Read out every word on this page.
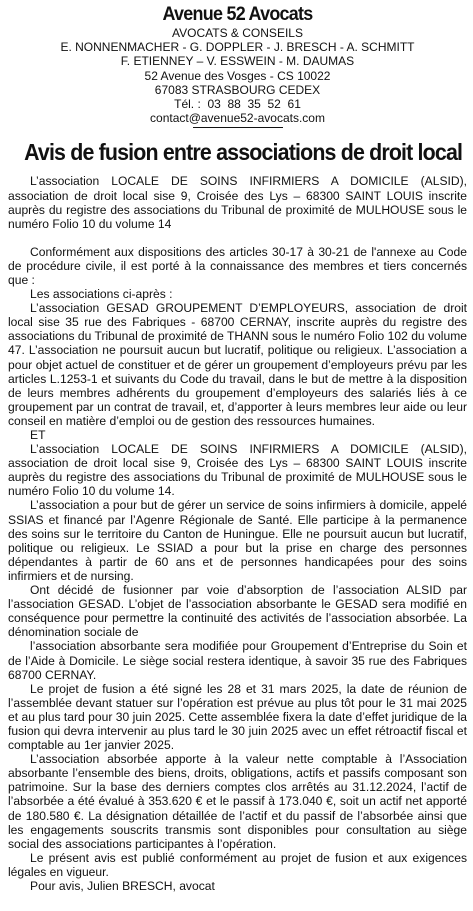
Avenue 52 Avocats
AVOCATS & CONSEILS
E. NONNENMACHER - G. DOPPLER - J. BRESCH - A. SCHMITT
F. ETIENNEY – V. ESSWEIN - M. DAUMAS
52 Avenue des Vosges - CS 10022
67083 STRASBOURG CEDEX
Tél. :  03  88  35  52  61
contact@avenue52-avocats.com
Avis de fusion entre associations de droit local

L’association LOCALE DE SOINS INFIRMIERS A DOMICILE (ALSID), association de droit local sise 9, Croisée des Lys – 68300 SAINT LOUIS inscrite auprès du registre des associations du Tribunal de proximité de MULHOUSE sous le numéro Folio 10 du volume 14

Conformément aux dispositions des articles 30-17 à 30-21 de l'annexe au Code de procédure civile, il est porté à la connaissance des membres et tiers concernés que :

Les associations ci-après :

L’association GESAD GROUPEMENT D’EMPLOYEURS, association de droit local sise 35 rue des Fabriques - 68700 CERNAY, inscrite auprès du registre des associations du Tribunal de proximité de THANN sous le numéro Folio 102 du volume 47. L’association ne poursuit aucun but lucratif, politique ou religieux. L’association a pour objet actuel de constituer et de gérer un groupement d’employeurs prévu par les articles L.1253-1 et suivants du Code du travail, dans le but de mettre à la disposition de leurs membres adhérents du groupement d’employeurs des salariés liés à ce groupement par un contrat de travail, et, d’apporter à leurs membres leur aide ou leur conseil en matière d’emploi ou de gestion des ressources humaines.

ET

L’association LOCALE DE SOINS INFIRMIERS A DOMICILE (ALSID), association de droit local sise 9, Croisée des Lys – 68300 SAINT LOUIS inscrite auprès du registre des associations du Tribunal de proximité de MULHOUSE sous le numéro Folio 10 du volume 14.

L’association a pour but de gérer un service de soins infirmiers à domicile, appelé SSIAS et financé par l’Agenre Régionale de Santé. Elle participe à la permanence des soins sur le territoire du Canton de Huningue. Elle ne poursuit aucun but lucratif, politique ou religieux. Le SSIAD a pour but la prise en charge des personnes dépendantes à partir de 60 ans et de personnes handicapées pour des soins infirmiers et de nursing.

Ont décidé de fusionner par voie d’absorption de l’association ALSID par l’association GESAD. L’objet de l’association absorbante le GESAD sera modifié en conséquence pour permettre la continuité des activités de l’association absorbée. La dénomination sociale de

l’association absorbante sera modifiée pour Groupement d’Entreprise du Soin et de l’Aide à Domicile. Le siège social restera identique, à savoir 35 rue des Fabriques 68700 CERNAY.

Le projet de fusion a été signé les 28 et 31 mars 2025, la date de réunion de l’assemblée devant statuer sur l’opération est prévue au plus tôt pour le 31 mai 2025 et au plus tard pour 30 juin 2025. Cette assemblée fixera la date d’effet juridique de la fusion qui devra intervenir au plus tard le 30 juin 2025 avec un effet rétroactif fiscal et comptable au 1er janvier 2025.

L’association absorbée apporte à la valeur nette comptable à l’Association absorbante l’ensemble des biens, droits, obligations, actifs et passifs composant son patrimoine. Sur la base des derniers comptes clos arrêtés au 31.12.2024, l’actif de l’absorbée a été évalué à 353.620 € et le passif à 173.040 €, soit un actif net apporté de 180.580 €. La désignation détaillée de l’actif et du passif de l’absorbée ainsi que les engagements souscrits transmis sont disponibles pour consultation au siège social des associations participantes à l’opération.

Le présent avis est publié conformément au projet de fusion et aux exigences légales en vigueur.

Pour avis, Julien BRESCH, avocat
